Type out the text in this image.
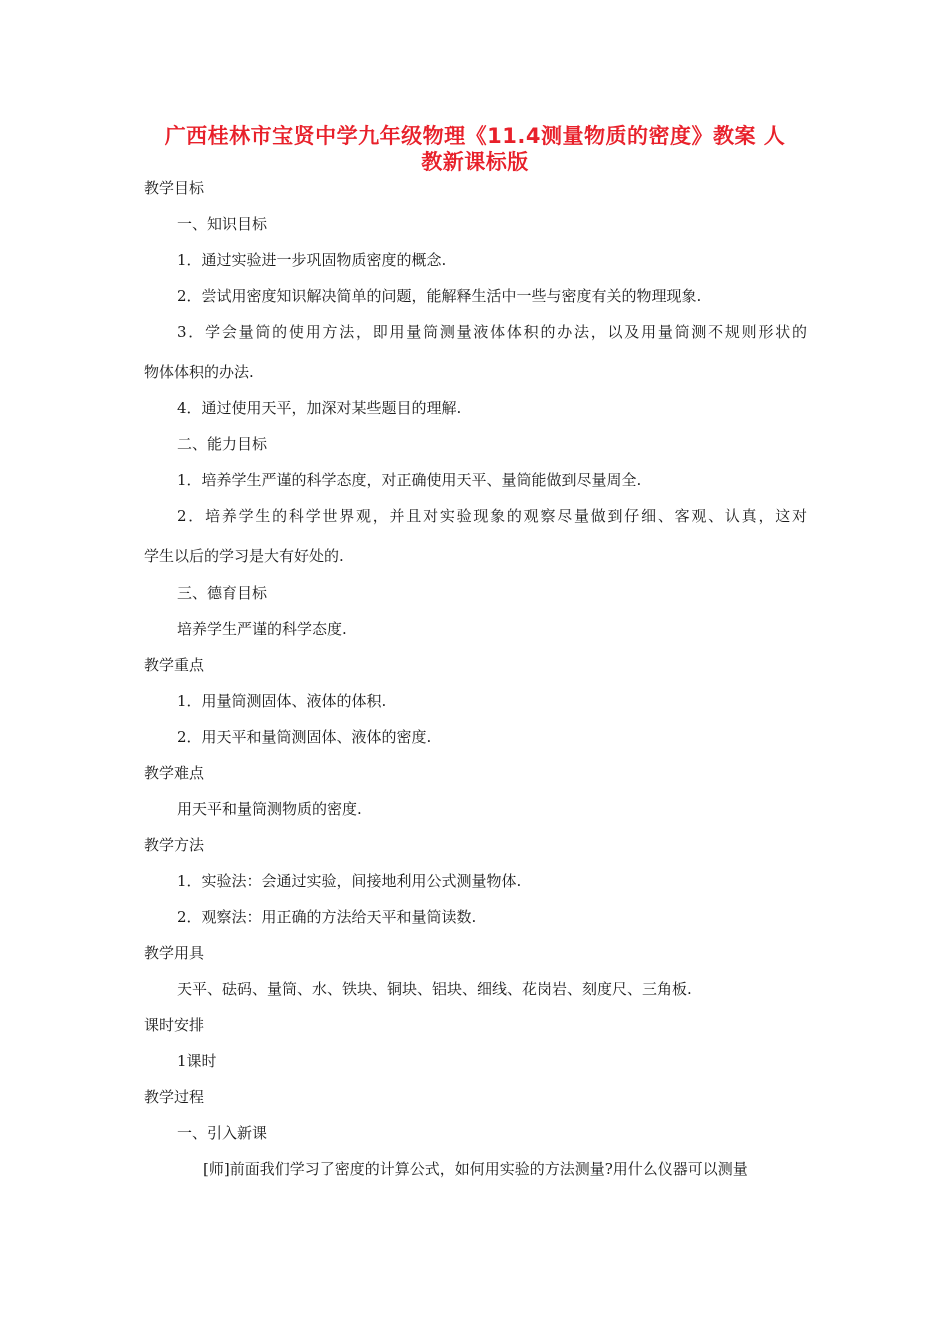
广西桂林市宝贤中学九年级物理《11.4测量物质的密度》教案 人
教新课标版
教学目标
一、知识目标
1．通过实验进一步巩固物质密度的概念.
2．尝试用密度知识解决简单的问题，能解释生活中一些与密度有关的物理现象.
3．学会量筒的使用方法，即用量筒测量液体体积的办法，以及用量筒测不规则形状的
物体体积的办法.
4．通过使用天平，加深对某些题目的理解.
二、能力目标
1．培养学生严谨的科学态度，对正确使用天平、量筒能做到尽量周全.
2．培养学生的科学世界观，并且对实验现象的观察尽量做到仔细、客观、认真，这对
学生以后的学习是大有好处的.
三、德育目标
培养学生严谨的科学态度.
教学重点
1．用量筒测固体、液体的体积.
2．用天平和量筒测固体、液体的密度.
教学难点
用天平和量筒测物质的密度.
教学方法
1．实验法：会通过实验，间接地利用公式测量物体.
2．观察法：用正确的方法给天平和量筒读数.
教学用具
天平、砝码、量筒、水、铁块、铜块、铝块、细线、花岗岩、刻度尺、三角板.
课时安排
1课时
教学过程
一、引入新课
[师]前面我们学习了密度的计算公式，如何用实验的方法测量?用什么仪器可以测量
